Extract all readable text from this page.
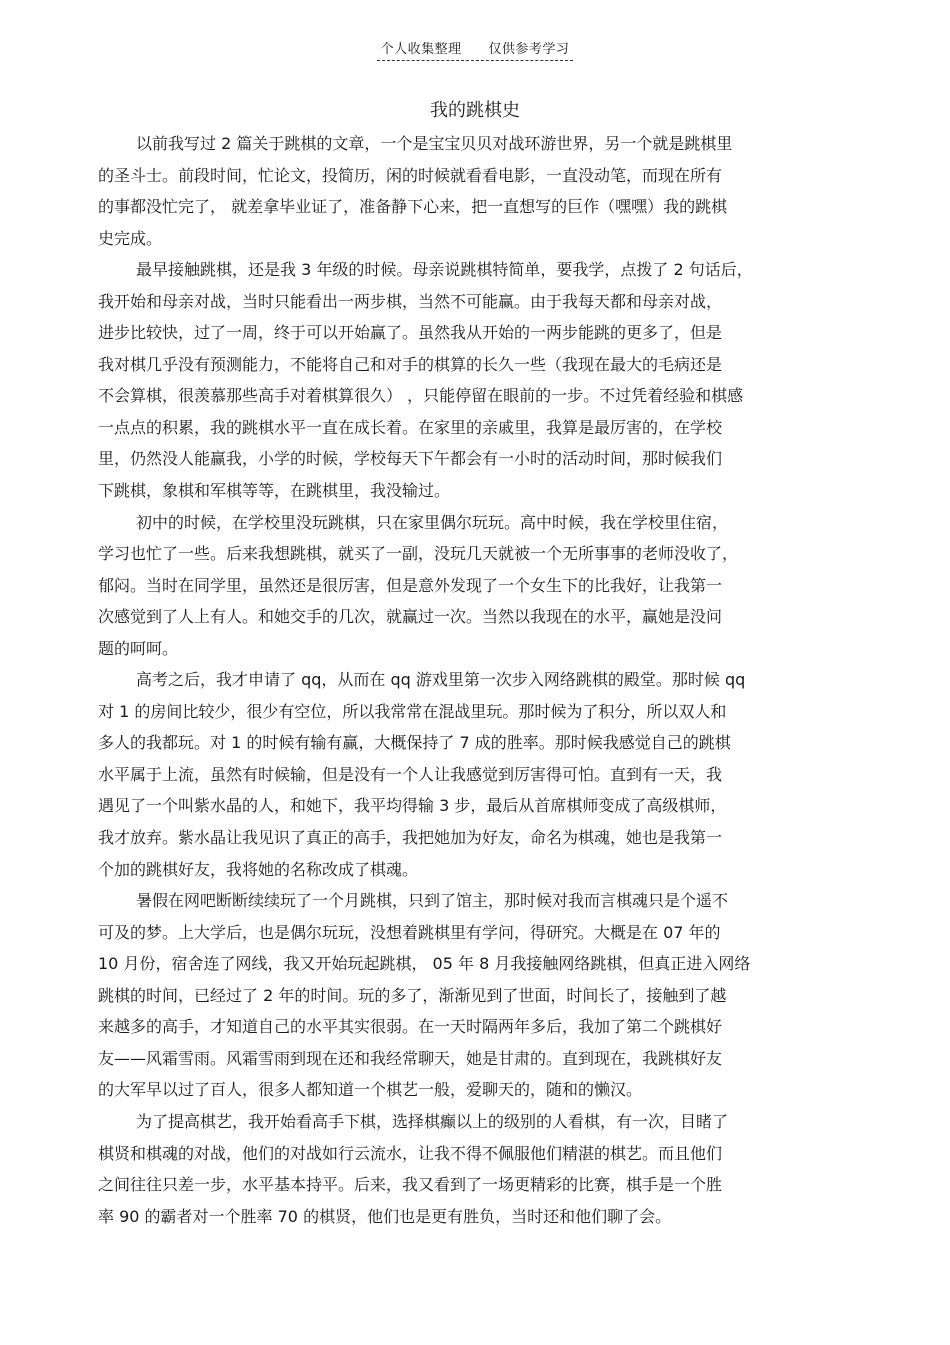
个人收集整理 仅供参考学习
我的跳棋史
以前我写过 2 篇关于跳棋的文章，一个是宝宝贝贝对战环游世界，另一个就是跳棋里
的圣斗士。前段时间，忙论文，投简历，闲的时候就看看电影，一直没动笔，而现在所有
的事都没忙完了， 就差拿毕业证了，准备静下心来，把一直想写的巨作（嘿嘿）我的跳棋
史完成。
最早接触跳棋，还是我 3 年级的时候。母亲说跳棋特简单，要我学，点拨了 2 句话后，
我开始和母亲对战，当时只能看出一两步棋，当然不可能赢。由于我每天都和母亲对战，
进步比较快，过了一周，终于可以开始赢了。虽然我从开始的一两步能跳的更多了，但是
我对棋几乎没有预测能力，不能将自己和对手的棋算的长久一些（我现在最大的毛病还是
不会算棋，很羡慕那些高手对着棋算很久） ，只能停留在眼前的一步。不过凭着经验和棋感
一点点的积累，我的跳棋水平一直在成长着。在家里的亲戚里，我算是最厉害的，在学校
里，仍然没人能赢我，小学的时候，学校每天下午都会有一小时的活动时间，那时候我们
下跳棋，象棋和军棋等等，在跳棋里，我没输过。
初中的时候，在学校里没玩跳棋，只在家里偶尔玩玩。高中时候，我在学校里住宿，
学习也忙了一些。后来我想跳棋，就买了一副，没玩几天就被一个无所事事的老师没收了，
郁闷。当时在同学里，虽然还是很厉害，但是意外发现了一个女生下的比我好，让我第一
次感觉到了人上有人。和她交手的几次，就赢过一次。当然以我现在的水平，赢她是没问
题的呵呵。
高考之后，我才申请了 qq，从而在 qq 游戏里第一次步入网络跳棋的殿堂。那时候 qq
对 1 的房间比较少，很少有空位，所以我常常在混战里玩。那时候为了积分，所以双人和
多人的我都玩。对 1 的时候有输有赢，大概保持了 7 成的胜率。那时候我感觉自己的跳棋
水平属于上流，虽然有时候输，但是没有一个人让我感觉到厉害得可怕。直到有一天，我
遇见了一个叫紫水晶的人，和她下，我平均得输 3 步，最后从首席棋师变成了高级棋师，
我才放弃。紫水晶让我见识了真正的高手，我把她加为好友，命名为棋魂，她也是我第一
个加的跳棋好友，我将她的名称改成了棋魂。
暑假在网吧断断续续玩了一个月跳棋，只到了馆主，那时候对我而言棋魂只是个遥不
可及的梦。上大学后，也是偶尔玩玩，没想着跳棋里有学问，得研究。大概是在 07 年的
10 月份，宿舍连了网线，我又开始玩起跳棋， 05 年 8 月我接触网络跳棋，但真正进入网络
跳棋的时间，已经过了 2 年的时间。玩的多了，渐渐见到了世面，时间长了，接触到了越
来越多的高手，才知道自己的水平其实很弱。在一天时隔两年多后，我加了第二个跳棋好
友——风霜雪雨。风霜雪雨到现在还和我经常聊天，她是甘肃的。直到现在，我跳棋好友
的大军早以过了百人，很多人都知道一个棋艺一般，爱聊天的，随和的懒汉。
为了提高棋艺，我开始看高手下棋，选择棋癫以上的级别的人看棋，有一次，目睹了
棋贤和棋魂的对战，他们的对战如行云流水，让我不得不佩服他们精湛的棋艺。而且他们
之间往往只差一步，水平基本持平。后来，我又看到了一场更精彩的比赛，棋手是一个胜
率 90 的霸者对一个胜率 70 的棋贤，他们也是更有胜负，当时还和他们聊了会。
